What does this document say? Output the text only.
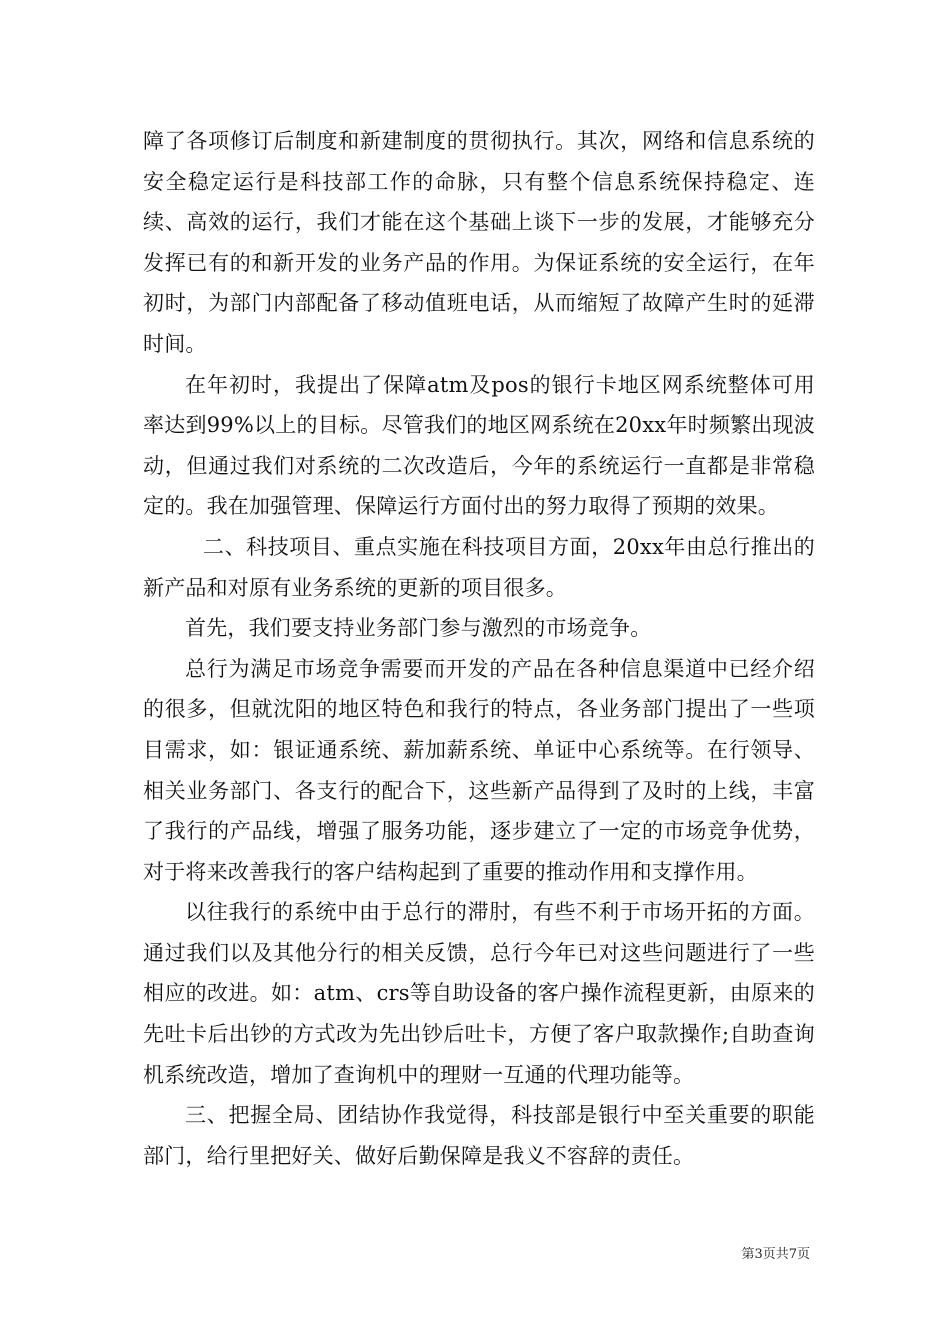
障了各项修订后制度和新建制度的贯彻执行。其次，网络和信息系统的安全稳定运行是科技部工作的命脉，只有整个信息系统保持稳定、连续、高效的运行，我们才能在这个基础上谈下一步的发展，才能够充分发挥已有的和新开发的业务产品的作用。为保证系统的安全运行，在年初时，为部门内部配备了移动值班电话，从而缩短了故障产生时的延滞时间。

在年初时，我提出了保障atm及pos的银行卡地区网系统整体可用率达到99%以上的目标。尽管我们的地区网系统在20xx年时频繁出现波动，但通过我们对系统的二次改造后，今年的系统运行一直都是非常稳定的。我在加强管理、保障运行方面付出的努力取得了预期的效果。

二、科技项目、重点实施在科技项目方面，20xx年由总行推出的新产品和对原有业务系统的更新的项目很多。

首先，我们要支持业务部门参与激烈的市场竞争。

总行为满足市场竞争需要而开发的产品在各种信息渠道中已经介绍的很多，但就沈阳的地区特色和我行的特点，各业务部门提出了一些项目需求，如：银证通系统、薪加薪系统、单证中心系统等。在行领导、相关业务部门、各支行的配合下，这些新产品得到了及时的上线，丰富了我行的产品线，增强了服务功能，逐步建立了一定的市场竞争优势，对于将来改善我行的客户结构起到了重要的推动作用和支撑作用。

以往我行的系统中由于总行的滞肘，有些不利于市场开拓的方面。通过我们以及其他分行的相关反馈，总行今年已对这些问题进行了一些相应的改进。如：atm、crs等自助设备的客户操作流程更新，由原来的先吐卡后出钞的方式改为先出钞后吐卡，方便了客户取款操作;自助查询机系统改造，增加了查询机中的理财一互通的代理功能等。

三、把握全局、团结协作我觉得，科技部是银行中至关重要的职能部门，给行里把好关、做好后勤保障是我义不容辞的责任。

第3页共7页
